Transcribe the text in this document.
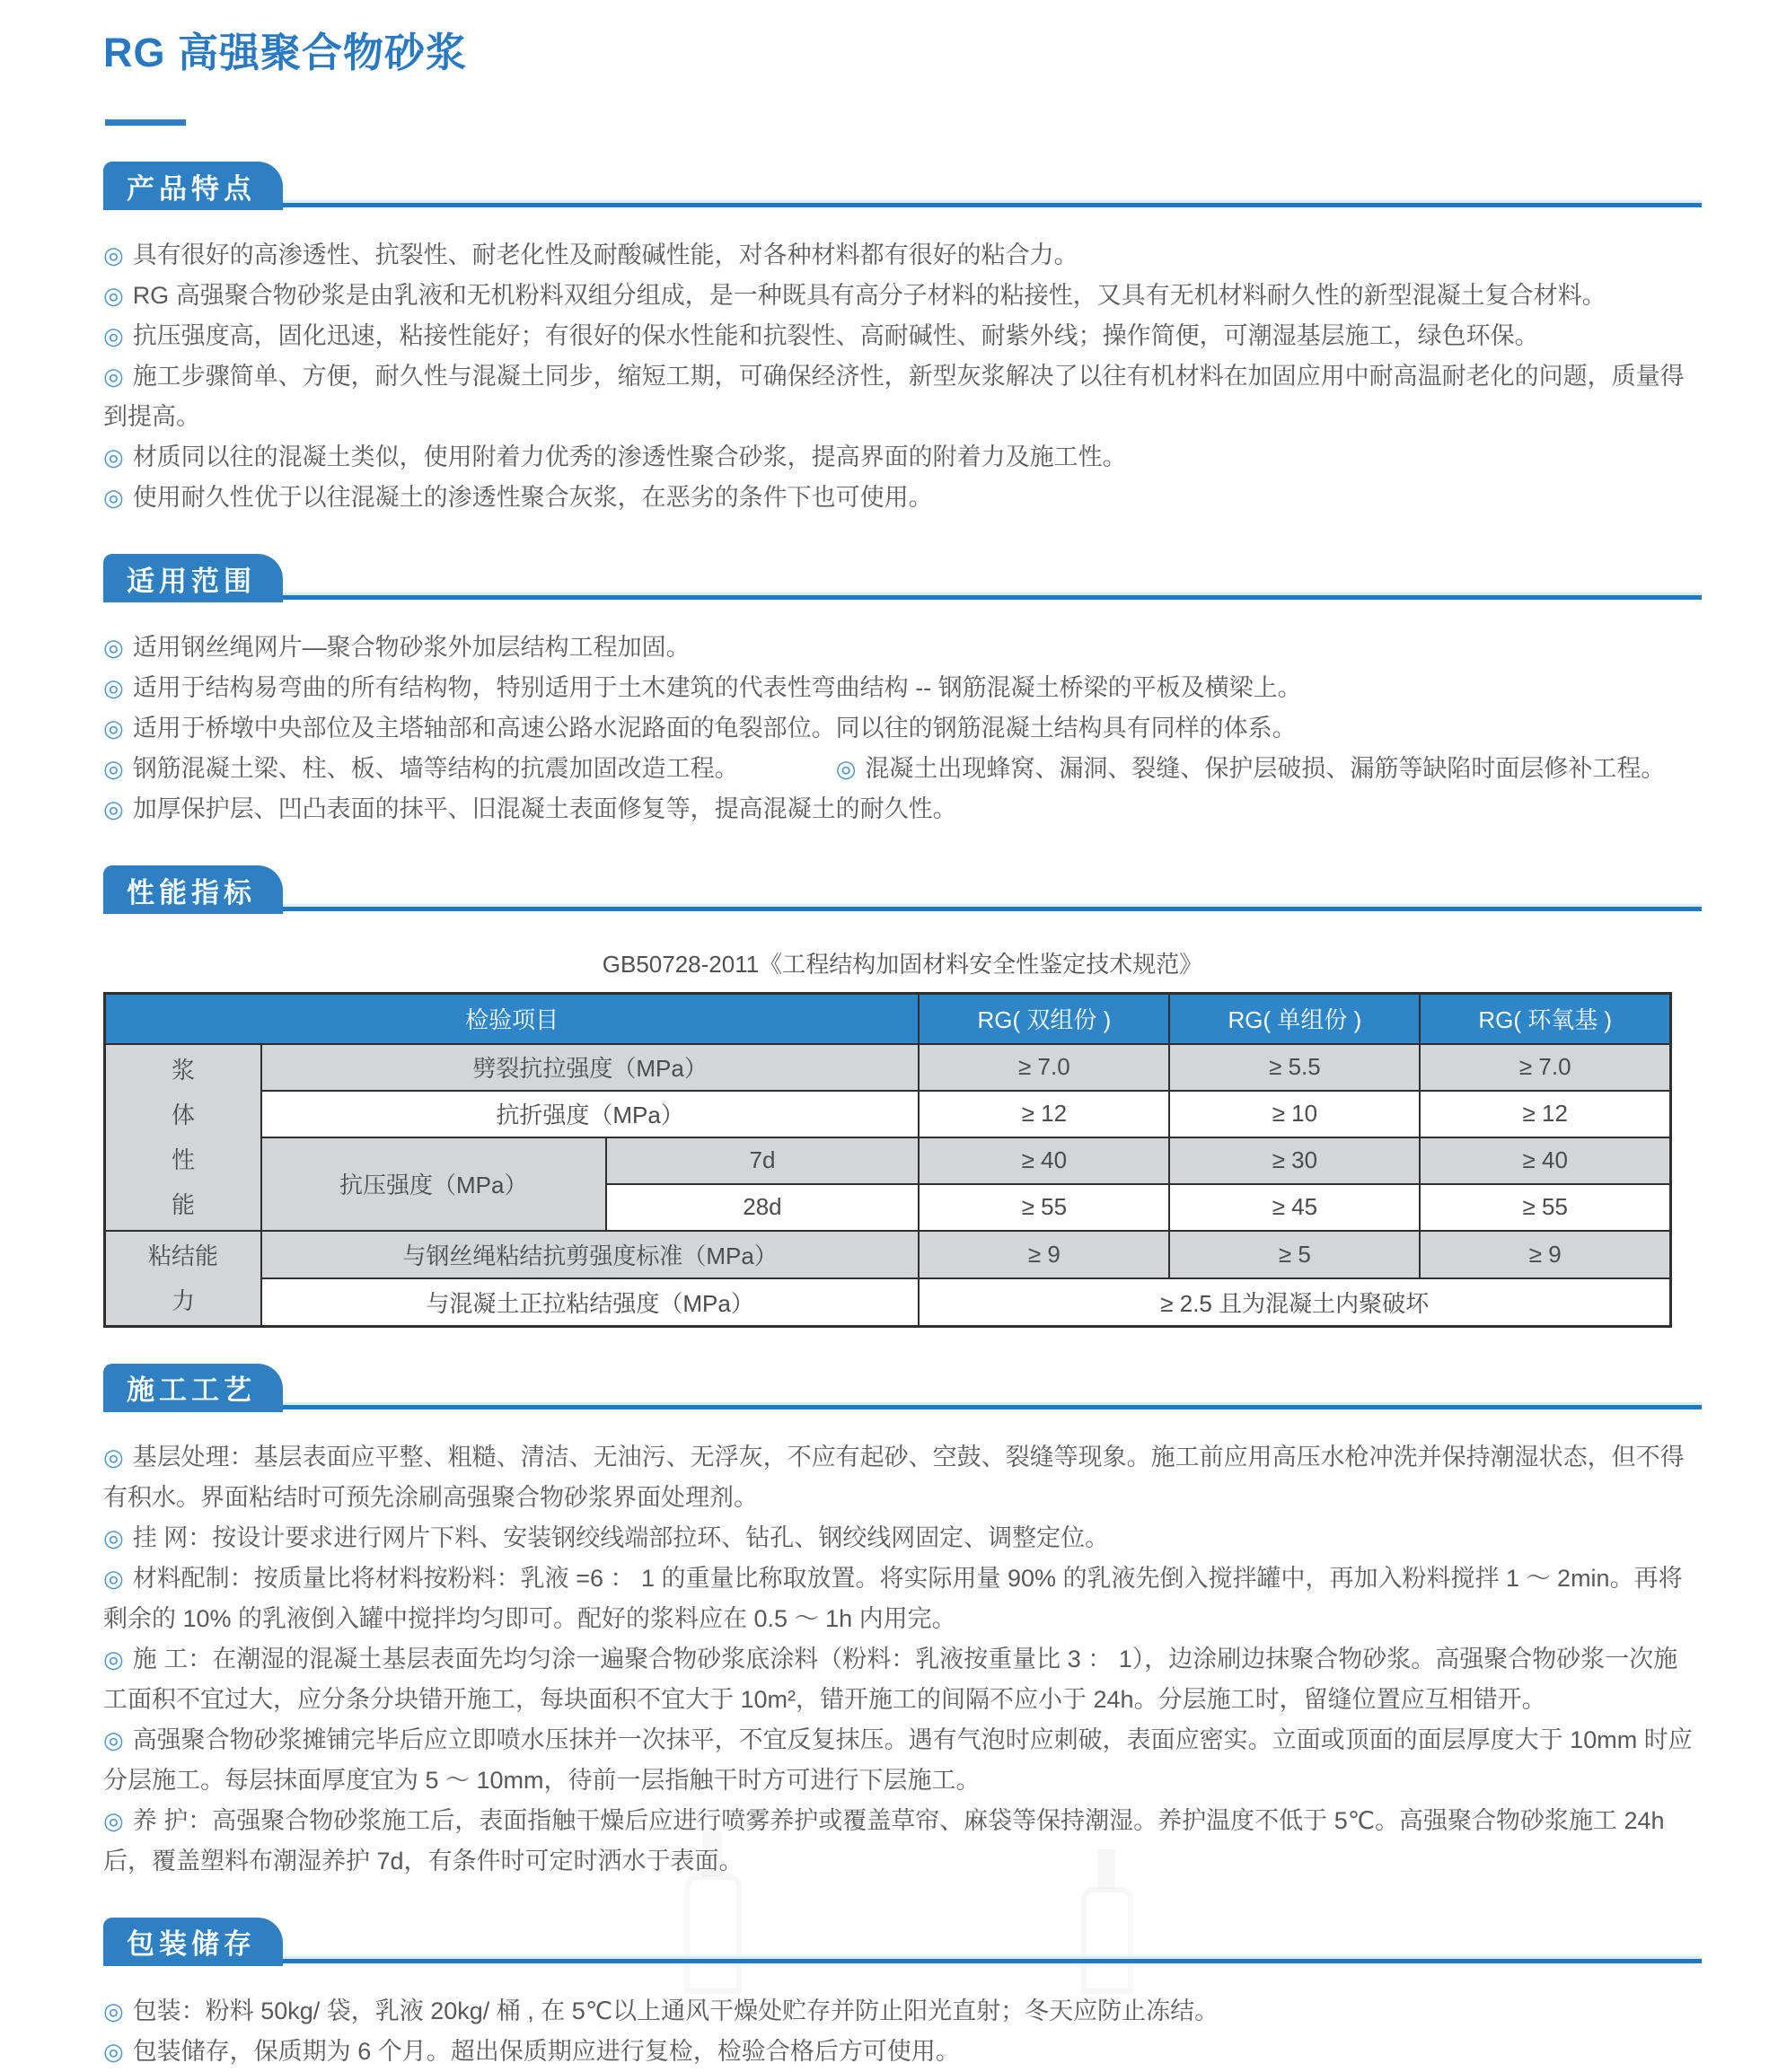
RG 高强聚合物砂浆
产品特点

◎ 具有很好的高渗透性、抗裂性、耐老化性及耐酸碱性能，对各种材料都有很好的粘合力。

◎ RG 高强聚合物砂浆是由乳液和无机粉料双组分组成，是一种既具有高分子材料的粘接性，又具有无机材料耐久性的新型混凝土复合材料。

◎ 抗压强度高，固化迅速，粘接性能好；有很好的保水性能和抗裂性、高耐碱性、耐紫外线；操作简便，可潮湿基层施工，绿色环保。

◎ 施工步骤简单、方便，耐久性与混凝土同步，缩短工期，可确保经济性，新型灰浆解决了以往有机材料在加固应用中耐高温耐老化的问题，质量得到提高。

◎ 材质同以往的混凝土类似，使用附着力优秀的渗透性聚合砂浆，提高界面的附着力及施工性。

◎ 使用耐久性优于以往混凝土的渗透性聚合灰浆，在恶劣的条件下也可使用。

适用范围

◎ 适用钢丝绳网片—聚合物砂浆外加层结构工程加固。

◎ 适用于结构易弯曲的所有结构物，特别适用于土木建筑的代表性弯曲结构 -- 钢筋混凝土桥梁的平板及横梁上。

◎ 适用于桥墩中央部位及主塔轴部和高速公路水泥路面的龟裂部位。同以往的钢筋混凝土结构具有同样的体系。

◎ 钢筋混凝土梁、柱、板、墙等结构的抗震加固改造工程。	◎ 混凝土出现蜂窝、漏洞、裂缝、保护层破损、漏筋等缺陷时面层修补工程。

◎ 加厚保护层、凹凸表面的抹平、旧混凝土表面修复等，提高混凝土的耐久性。

性能指标
GB50728-2011《工程结构加固材料安全性鉴定技术规范》
检验项目			RG( 双组份 )	RG( 单组份 )	RG( 环氧基 )
浆
体
性
能	劈裂抗拉强度（MPa）		≥ 7.0	≥ 5.5	≥ 7.0
	抗折强度（MPa）		≥ 12	≥ 10	≥ 12
	抗压强度（MPa）	7d	≥ 40	≥ 30	≥ 40
		28d	≥ 55	≥ 45	≥ 55
粘结能
力	与钢丝绳粘结抗剪强度标准（MPa）		≥ 9	≥ 5	≥ 9
	与混凝土正拉粘结强度（MPa）		≥ 2.5 且为混凝土内聚破坏		
施工工艺

◎ 基层处理：基层表面应平整、粗糙、清洁、无油污、无浮灰，不应有起砂、空鼓、裂缝等现象。施工前应用高压水枪冲洗并保持潮湿状态，但不得有积水。界面粘结时可预先涂刷高强聚合物砂浆界面处理剂。

◎ 挂 网：按设计要求进行网片下料、安装钢绞线端部拉环、钻孔、钢绞线网固定、调整定位。

◎ 材料配制：按质量比将材料按粉料：乳液 =6 ： 1 的重量比称取放置。将实际用量 90% 的乳液先倒入搅拌罐中，再加入粉料搅拌 1 ～ 2min。再将剩余的 10% 的乳液倒入罐中搅拌均匀即可。配好的浆料应在 0.5 ～ 1h 内用完。

◎ 施 工：在潮湿的混凝土基层表面先均匀涂一遍聚合物砂浆底涂料（粉料：乳液按重量比 3 ： 1），边涂刷边抹聚合物砂浆。高强聚合物砂浆一次施工面积不宜过大，应分条分块错开施工，每块面积不宜大于 10m²，错开施工的间隔不应小于 24h。分层施工时，留缝位置应互相错开。

◎ 高强聚合物砂浆摊铺完毕后应立即喷水压抹并一次抹平，不宜反复抹压。遇有气泡时应刺破，表面应密实。立面或顶面的面层厚度大于 10mm 时应分层施工。每层抹面厚度宜为 5 ～ 10mm，待前一层指触干时方可进行下层施工。

◎ 养 护：高强聚合物砂浆施工后，表面指触干燥后应进行喷雾养护或覆盖草帘、麻袋等保持潮湿。养护温度不低于 5℃。高强聚合物砂浆施工 24h 后，覆盖塑料布潮湿养护 7d，有条件时可定时洒水于表面。

包装储存

◎ 包装：粉料 50kg/ 袋，乳液 20kg/ 桶 , 在 5℃以上通风干燥处贮存并防止阳光直射；冬天应防止冻结。

◎ 包装储存，保质期为 6 个月。超出保质期应进行复检，检验合格后方可使用。
